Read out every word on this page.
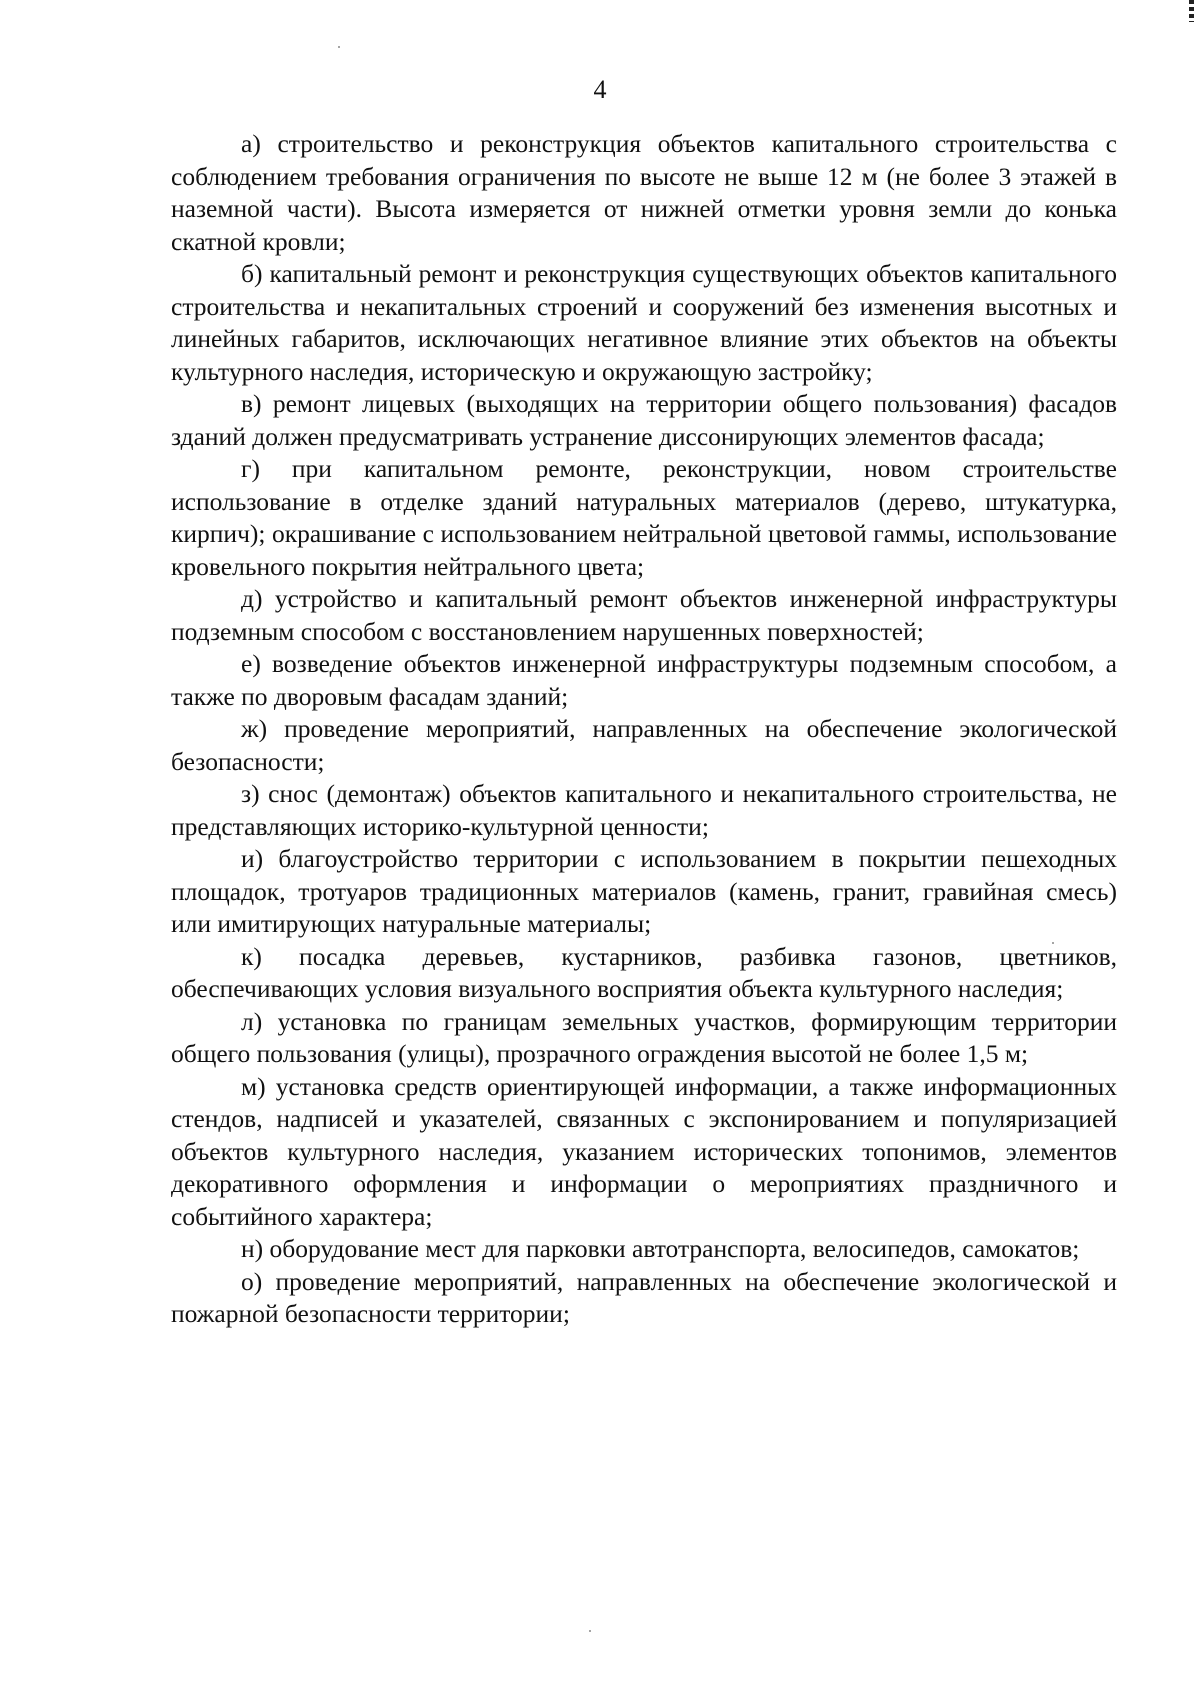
4

а) строительство и реконструкция объектов капитального строительства с соблюдением требования ограничения по высоте не выше 12 м (не более 3 этажей в наземной части). Высота измеряется от нижней отметки уровня земли до конька скатной кровли;

б) капитальный ремонт и реконструкция существующих объектов капитального строительства и некапитальных строений и сооружений без изменения высотных и линейных габаритов, исключающих негативное влияние этих объектов на объекты культурного наследия, историческую и окружающую застройку;

в) ремонт лицевых (выходящих на территории общего пользования) фасадов зданий должен предусматривать устранение диссонирующих элементов фасада;

г) при капитальном ремонте, реконструкции, новом строительстве использование в отделке зданий натуральных материалов (дерево, штукатурка, кирпич); окрашивание с использованием нейтральной цветовой гаммы, использование кровельного покрытия нейтрального цвета;

д) устройство и капитальный ремонт объектов инженерной инфраструктуры подземным способом с восстановлением нарушенных поверхностей;

е) возведение объектов инженерной инфраструктуры подземным способом, а также по дворовым фасадам зданий;

ж) проведение мероприятий, направленных на обеспечение экологической безопасности;

з) снос (демонтаж) объектов капитального и некапитального строительства, не представляющих историко-культурной ценности;

и) благоустройство территории с использованием в покрытии пешеходных площадок, тротуаров традиционных материалов (камень, гранит, гравийная смесь) или имитирующих натуральные материалы;

к) посадка деревьев, кустарников, разбивка газонов, цветников, обеспечивающих условия визуального восприятия объекта культурного наследия;

л) установка по границам земельных участков, формирующим территории общего пользования (улицы), прозрачного ограждения высотой не более 1,5 м;

м) установка средств ориентирующей информации, а также информационных стендов, надписей и указателей, связанных с экспонированием и популяризацией объектов культурного наследия, указанием исторических топонимов, элементов декоративного оформления и информации о мероприятиях праздничного и событийного характера;

н) оборудование мест для парковки автотранспорта, велосипедов, самокатов;

о) проведение мероприятий, направленных на обеспечение экологической и пожарной безопасности территории;
